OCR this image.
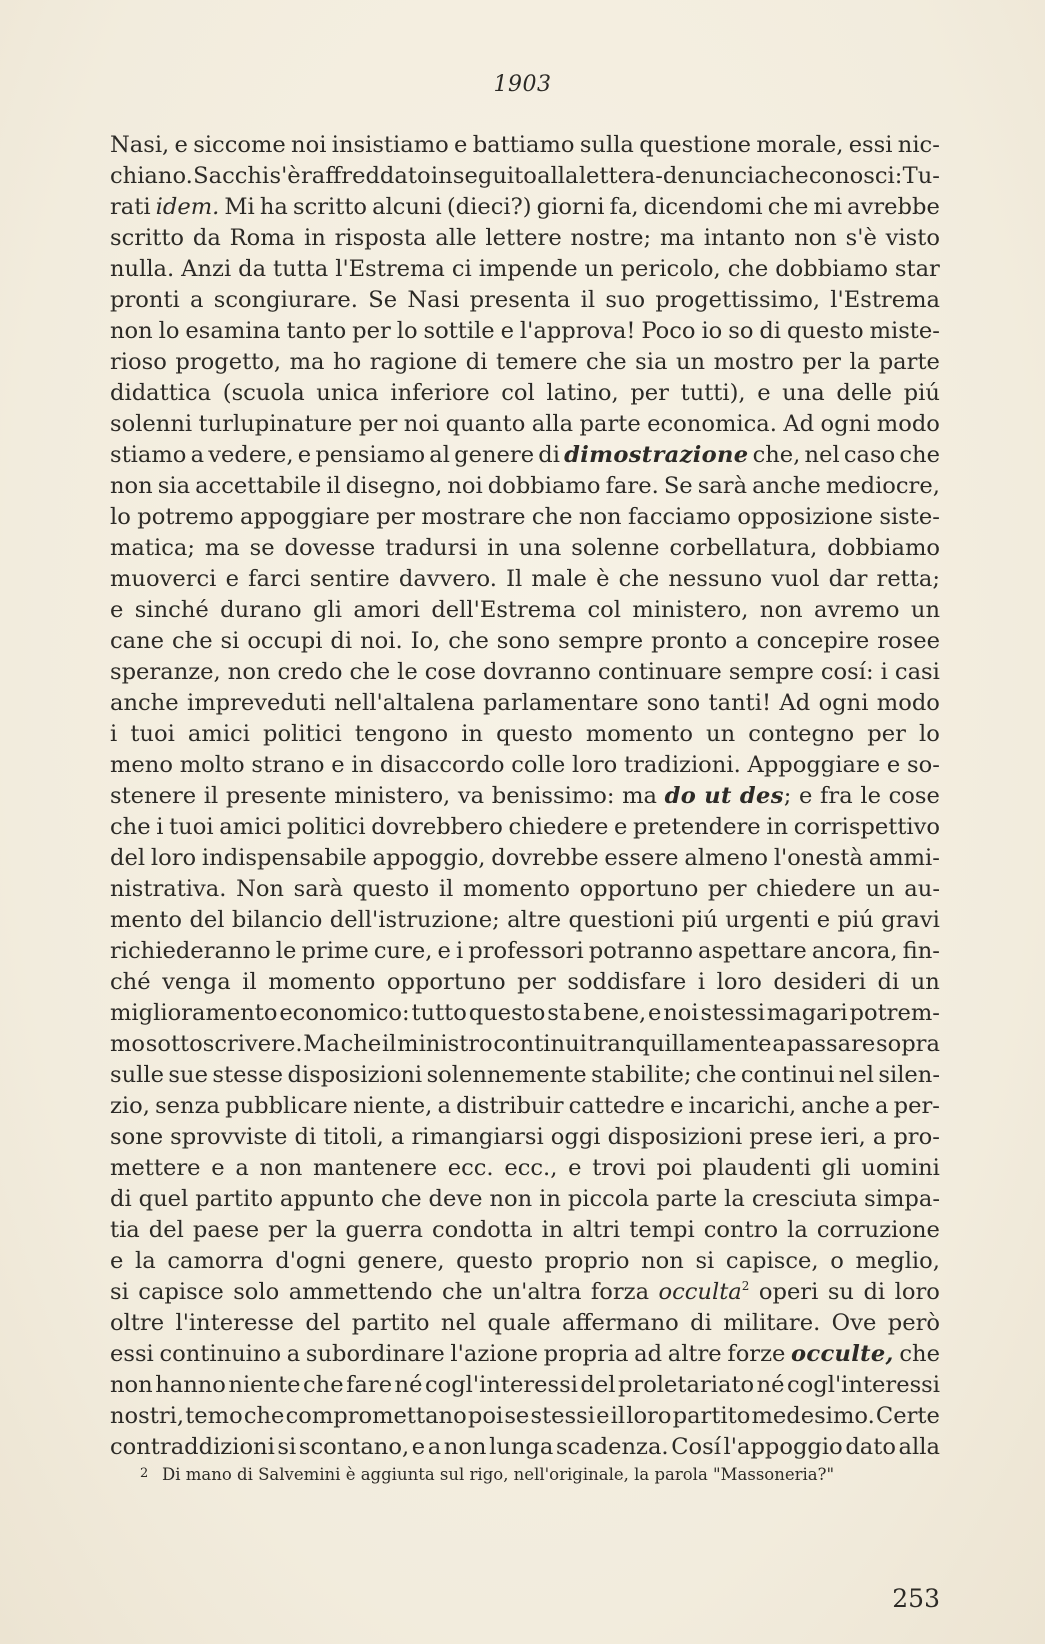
1903
Nasi, e siccome noi insistiamo e battiamo sulla questione morale, essi nic-
chiano. Sacchi s'è raffreddato in seguito alla lettera-denuncia che conosci: Tu-
rati idem. Mi ha scritto alcuni (dieci?) giorni fa, dicendomi che mi avrebbe
scritto da Roma in risposta alle lettere nostre; ma intanto non s'è visto
nulla. Anzi da tutta l'Estrema ci impende un pericolo, che dobbiamo star
pronti a scongiurare. Se Nasi presenta il suo progettissimo, l'Estrema
non lo esamina tanto per lo sottile e l'approva! Poco io so di questo miste-
rioso progetto, ma ho ragione di temere che sia un mostro per la parte
didattica (scuola unica inferiore col latino, per tutti), e una delle piú
solenni turlupinature per noi quanto alla parte economica. Ad ogni modo
stiamo a vedere, e pensiamo al genere di dimostrazione che, nel caso che
non sia accettabile il disegno, noi dobbiamo fare. Se sarà anche mediocre,
lo potremo appoggiare per mostrare che non facciamo opposizione siste-
matica; ma se dovesse tradursi in una solenne corbellatura, dobbiamo
muoverci e farci sentire davvero. Il male è che nessuno vuol dar retta;
e sinché durano gli amori dell'Estrema col ministero, non avremo un
cane che si occupi di noi. Io, che sono sempre pronto a concepire rosee
speranze, non credo che le cose dovranno continuare sempre cosí: i casi
anche impreveduti nell'altalena parlamentare sono tanti! Ad ogni modo
i tuoi amici politici tengono in questo momento un contegno per lo
meno molto strano e in disaccordo colle loro tradizioni. Appoggiare e so-
stenere il presente ministero, va benissimo: ma do ut des; e fra le cose
che i tuoi amici politici dovrebbero chiedere e pretendere in corrispettivo
del loro indispensabile appoggio, dovrebbe essere almeno l'onestà ammi-
nistrativa. Non sarà questo il momento opportuno per chiedere un au-
mento del bilancio dell'istruzione; altre questioni piú urgenti e piú gravi
richiederanno le prime cure, e i professori potranno aspettare ancora, fin-
ché venga il momento opportuno per soddisfare i loro desideri di un
miglioramento economico: tutto questo sta bene, e noi stessi magari potrem-
mo sottoscrivere. Ma che il ministro continui tranquillamente a passare sopra
sulle sue stesse disposizioni solennemente stabilite; che continui nel silen-
zio, senza pubblicare niente, a distribuir cattedre e incarichi, anche a per-
sone sprovviste di titoli, a rimangiarsi oggi disposizioni prese ieri, a pro-
mettere e a non mantenere ecc. ecc., e trovi poi plaudenti gli uomini
di quel partito appunto che deve non in piccola parte la cresciuta simpa-
tia del paese per la guerra condotta in altri tempi contro la corruzione
e la camorra d'ogni genere, questo proprio non si capisce, o meglio,
si capisce solo ammettendo che un'altra forza occulta$^2$ operi su di loro
oltre l'interesse del partito nel quale affermano di militare. Ove però
essi continuino a subordinare l'azione propria ad altre forze occulte, che
non hanno niente che fare né cogl'interessi del proletariato né cogl'interessi
nostri, temo che compromettano poi se stessi e il loro partito medesimo. Certe
contraddizioni si scontano, e a non lunga scadenza. Cosí l'appoggio dato alla
2 Di mano di Salvemini è aggiunta sul rigo, nell'originale, la parola "Massoneria?"
253
